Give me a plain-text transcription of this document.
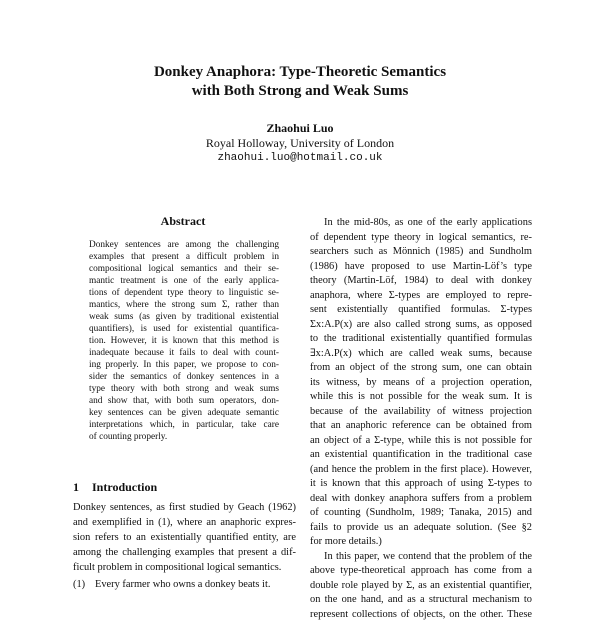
Donkey Anaphora: Type-Theoretic Semantics
with Both Strong and Weak Sums
Zhaohui Luo
Royal Holloway, University of London
zhaohui.luo@hotmail.co.uk
Abstract
Donkey sentences are among the challenging
examples that present a difficult problem in
compositional logical semantics and their se-
mantic treatment is one of the early applica-
tions of dependent type theory to linguistic se-
mantics, where the strong sum Σ, rather than
weak sums (as given by traditional existential
quantifiers), is used for existential quantifica-
tion. However, it is known that this method is
inadequate because it fails to deal with count-
ing properly. In this paper, we propose to con-
sider the semantics of donkey sentences in a
type theory with both strong and weak sums
and show that, with both sum operators, don-
key sentences can be given adequate semantic
interpretations which, in particular, take care
of counting properly.
1 Introduction
Donkey sentences, as first studied by Geach (1962)
and exemplified in (1), where an anaphoric expres-
sion refers to an existentially quantified entity, are
among the challenging examples that present a dif-
ficult problem in compositional logical semantics.
(1) Every farmer who owns a donkey beats it.
In the mid-80s, as one of the early applications
of dependent type theory in logical semantics, re-
searchers such as Mönnich (1985) and Sundholm
(1986) have proposed to use Martin-Löf’s type
theory (Martin-Löf, 1984) to deal with donkey
anaphora, where Σ-types are employed to repre-
sent existentially quantified formulas. Σ-types
Σx:A.P(x) are also called strong sums, as opposed
to the traditional existentially quantified formulas
∃x:A.P(x) which are called weak sums, because
from an object of the strong sum, one can obtain
its witness, by means of a projection operation,
while this is not possible for the weak sum. It is
because of the availability of witness projection
that an anaphoric reference can be obtained from
an object of a Σ-type, while this is not possible for
an existential quantification in the traditional case
(and hence the problem in the first place). However,
it is known that this approach of using Σ-types to
deal with donkey anaphora suffers from a problem
of counting (Sundholm, 1989; Tanaka, 2015) and
fails to provide us an adequate solution. (See §2
for more details.)
In this paper, we contend that the problem of the
above type-theoretical approach has come from a
double role played by Σ, as an existential quantifier,
on the one hand, and as a structural mechanism to
represent collections of objects, on the other. These
